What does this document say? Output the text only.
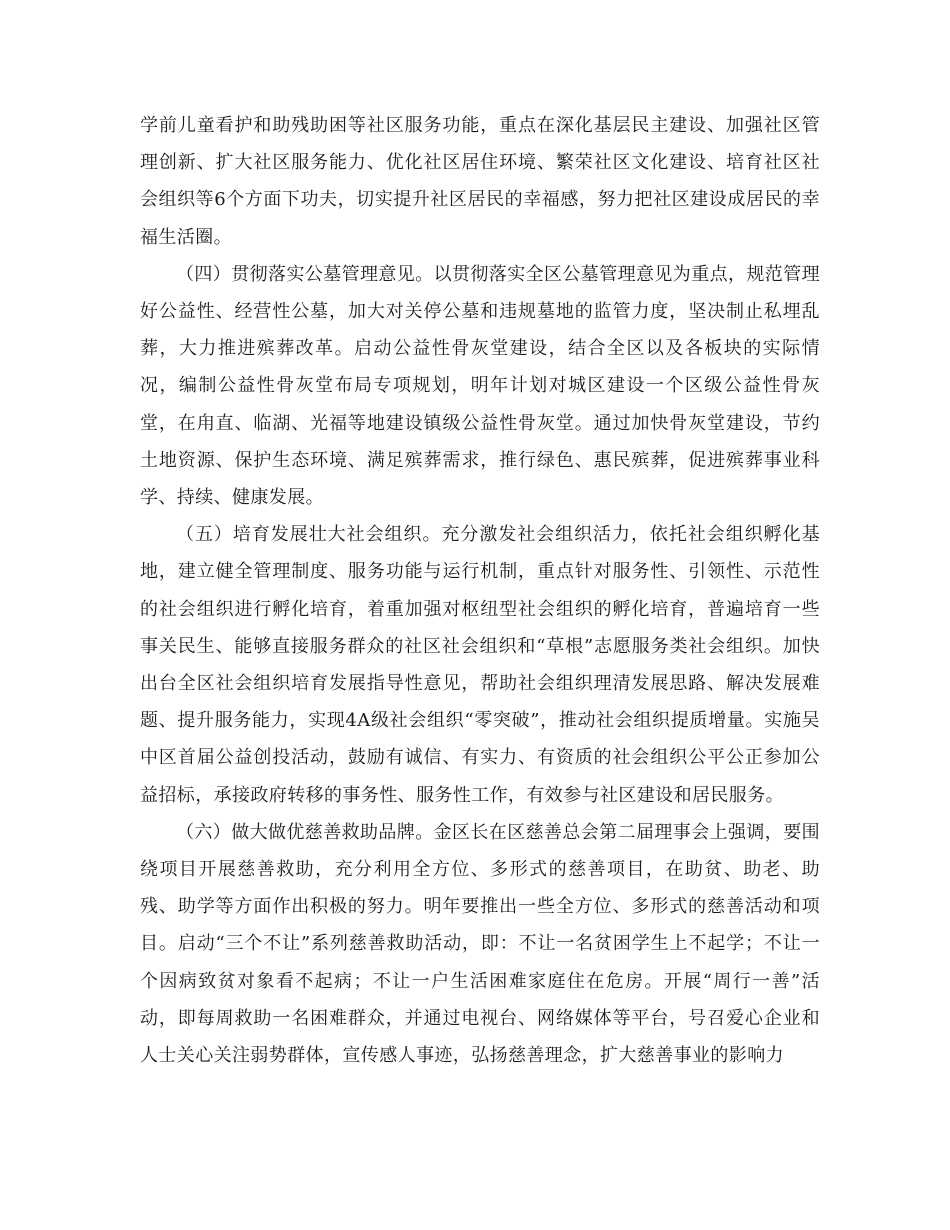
学前儿童看护和助残助困等社区服务功能，重点在深化基层民主建设、加强社区管理创新、扩大社区服务能力、优化社区居住环境、繁荣社区文化建设、培育社区社会组织等6个方面下功夫，切实提升社区居民的幸福感，努力把社区建设成居民的幸福生活圈。

（四）贯彻落实公墓管理意见。以贯彻落实全区公墓管理意见为重点，规范管理好公益性、经营性公墓，加大对关停公墓和违规墓地的监管力度，坚决制止私埋乱葬，大力推进殡葬改革。启动公益性骨灰堂建设，结合全区以及各板块的实际情况，编制公益性骨灰堂布局专项规划，明年计划对城区建设一个区级公益性骨灰堂，在甪直、临湖、光福等地建设镇级公益性骨灰堂。通过加快骨灰堂建设，节约土地资源、保护生态环境、满足殡葬需求，推行绿色、惠民殡葬，促进殡葬事业科学、持续、健康发展。

（五）培育发展壮大社会组织。充分激发社会组织活力，依托社会组织孵化基地，建立健全管理制度、服务功能与运行机制，重点针对服务性、引领性、示范性的社会组织进行孵化培育，着重加强对枢纽型社会组织的孵化培育，普遍培育一些事关民生、能够直接服务群众的社区社会组织和“草根”志愿服务类社会组织。加快出台全区社会组织培育发展指导性意见，帮助社会组织理清发展思路、解决发展难题、提升服务能力，实现4A级社会组织“零突破”，推动社会组织提质增量。实施吴中区首届公益创投活动，鼓励有诚信、有实力、有资质的社会组织公平公正参加公益招标，承接政府转移的事务性、服务性工作，有效参与社区建设和居民服务。

（六）做大做优慈善救助品牌。金区长在区慈善总会第二届理事会上强调，要围绕项目开展慈善救助，充分利用全方位、多形式的慈善项目，在助贫、助老、助残、助学等方面作出积极的努力。明年要推出一些全方位、多形式的慈善活动和项目。启动“三个不让”系列慈善救助活动，即：不让一名贫困学生上不起学；不让一个因病致贫对象看不起病；不让一户生活困难家庭住在危房。开展“周行一善”活动，即每周救助一名困难群众，并通过电视台、网络媒体等平台，号召爱心企业和人士关心关注弱势群体，宣传感人事迹，弘扬慈善理念，扩大慈善事业的影响力
